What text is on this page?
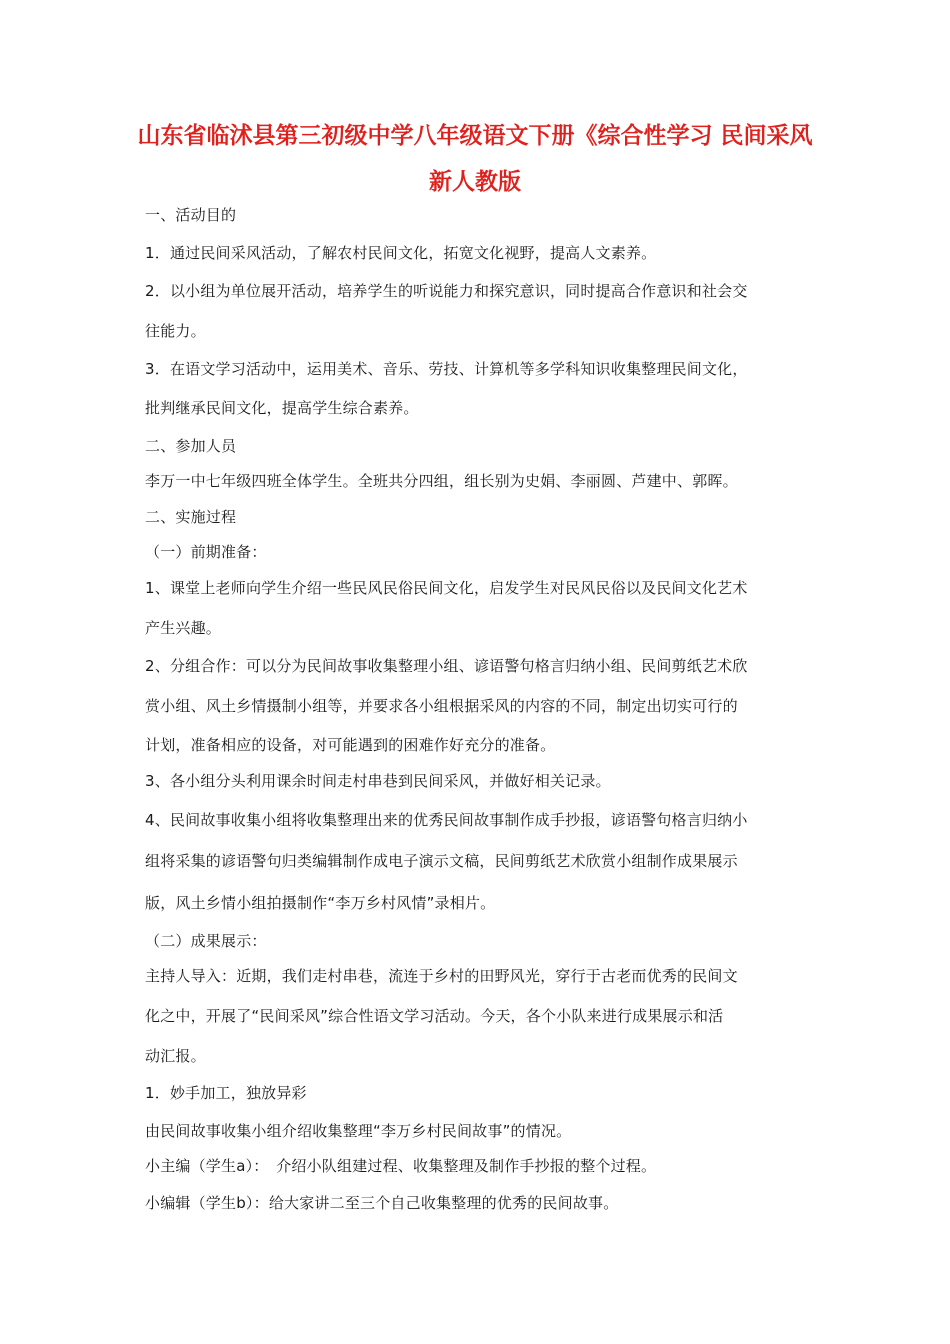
山东省临沭县第三初级中学八年级语文下册《综合性学习 民间采风
新人教版
一、活动目的
1．通过民间采风活动，了解农村民间文化，拓宽文化视野，提高人文素养。
2．以小组为单位展开活动，培养学生的听说能力和探究意识，同时提高合作意识和社会交
往能力。
3．在语文学习活动中，运用美术、音乐、劳技、计算机等多学科知识收集整理民间文化，
批判继承民间文化，提高学生综合素养。
二、参加人员
李万一中七年级四班全体学生。全班共分四组，组长别为史娟、李丽圆、芦建中、郭晖。
二、实施过程
（一）前期准备：
1、课堂上老师向学生介绍一些民风民俗民间文化，启发学生对民风民俗以及民间文化艺术
产生兴趣。
2、分组合作：可以分为民间故事收集整理小组、谚语警句格言归纳小组、民间剪纸艺术欣
赏小组、风土乡情摄制小组等，并要求各小组根据采风的内容的不同，制定出切实可行的
计划，准备相应的设备，对可能遇到的困难作好充分的准备。
3、各小组分头利用课余时间走村串巷到民间采风，并做好相关记录。
4、民间故事收集小组将收集整理出来的优秀民间故事制作成手抄报，谚语警句格言归纳小
组将采集的谚语警句归类编辑制作成电子演示文稿，民间剪纸艺术欣赏小组制作成果展示
版，风土乡情小组拍摄制作“李万乡村风情”录相片。
（二）成果展示：
主持人导入：近期，我们走村串巷，流连于乡村的田野风光，穿行于古老而优秀的民间文
化之中，开展了“民间采风”综合性语文学习活动。今天，各个小队来进行成果展示和活
动汇报。
1．妙手加工，独放异彩
由民间故事收集小组介绍收集整理“李万乡村民间故事”的情况。
小主编（学生a）：　介绍小队组建过程、收集整理及制作手抄报的整个过程。
小编辑（学生b）：给大家讲二至三个自己收集整理的优秀的民间故事。
